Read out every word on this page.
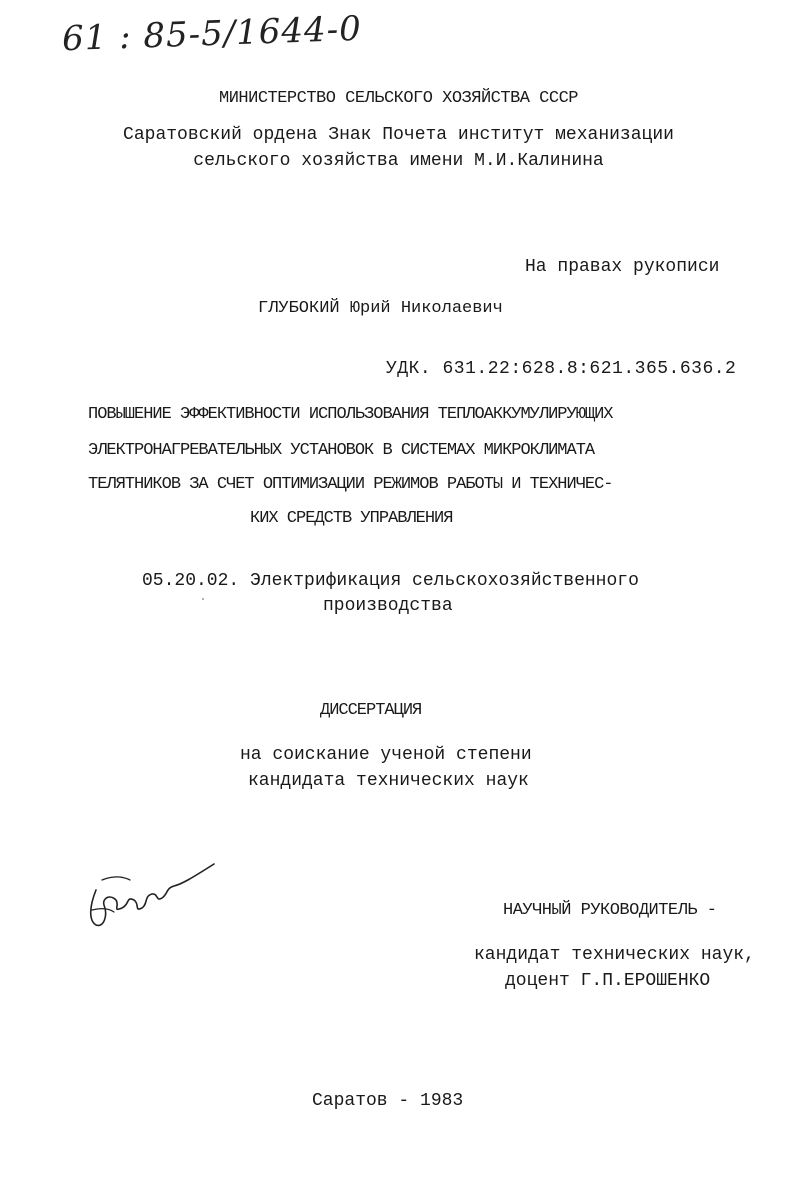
61 : 85-5/1644-0
МИНИСТЕРСТВО СЕЛЬСКОГО ХОЗЯЙСТВА СССР
Саратовский ордена Знак Почета институт механизации
сельского хозяйства имени М.И.Калинина
На правах рукописи
ГЛУБОКИЙ Юрий Николаевич
УДК. 631.22:628.8:621.365.636.2
ПОВЫШЕНИЕ ЭФФЕКТИВНОСТИ ИСПОЛЬЗОВАНИЯ ТЕПЛОАККУМУЛИРУЮЩИХ
ЭЛЕКТРОНАГРЕВАТЕЛЬНЫХ УСТАНОВОК В СИСТЕМАХ МИКРОКЛИМАТА
ТЕЛЯТНИКОВ ЗА СЧЕТ ОПТИМИЗАЦИИ РЕЖИМОВ РАБОТЫ И ТЕХНИЧЕС-
КИХ СРЕДСТВ УПРАВЛЕНИЯ
05.20.02. Электрификация сельскохозяйственного
производства
ДИССЕРТАЦИЯ
на соискание ученой степени
кандидата технических наук
НАУЧНЫЙ РУКОВОДИТЕЛЬ -
кандидат технических наук,
доцент Г.П.ЕРОШЕНКО
Саратов - 1983
